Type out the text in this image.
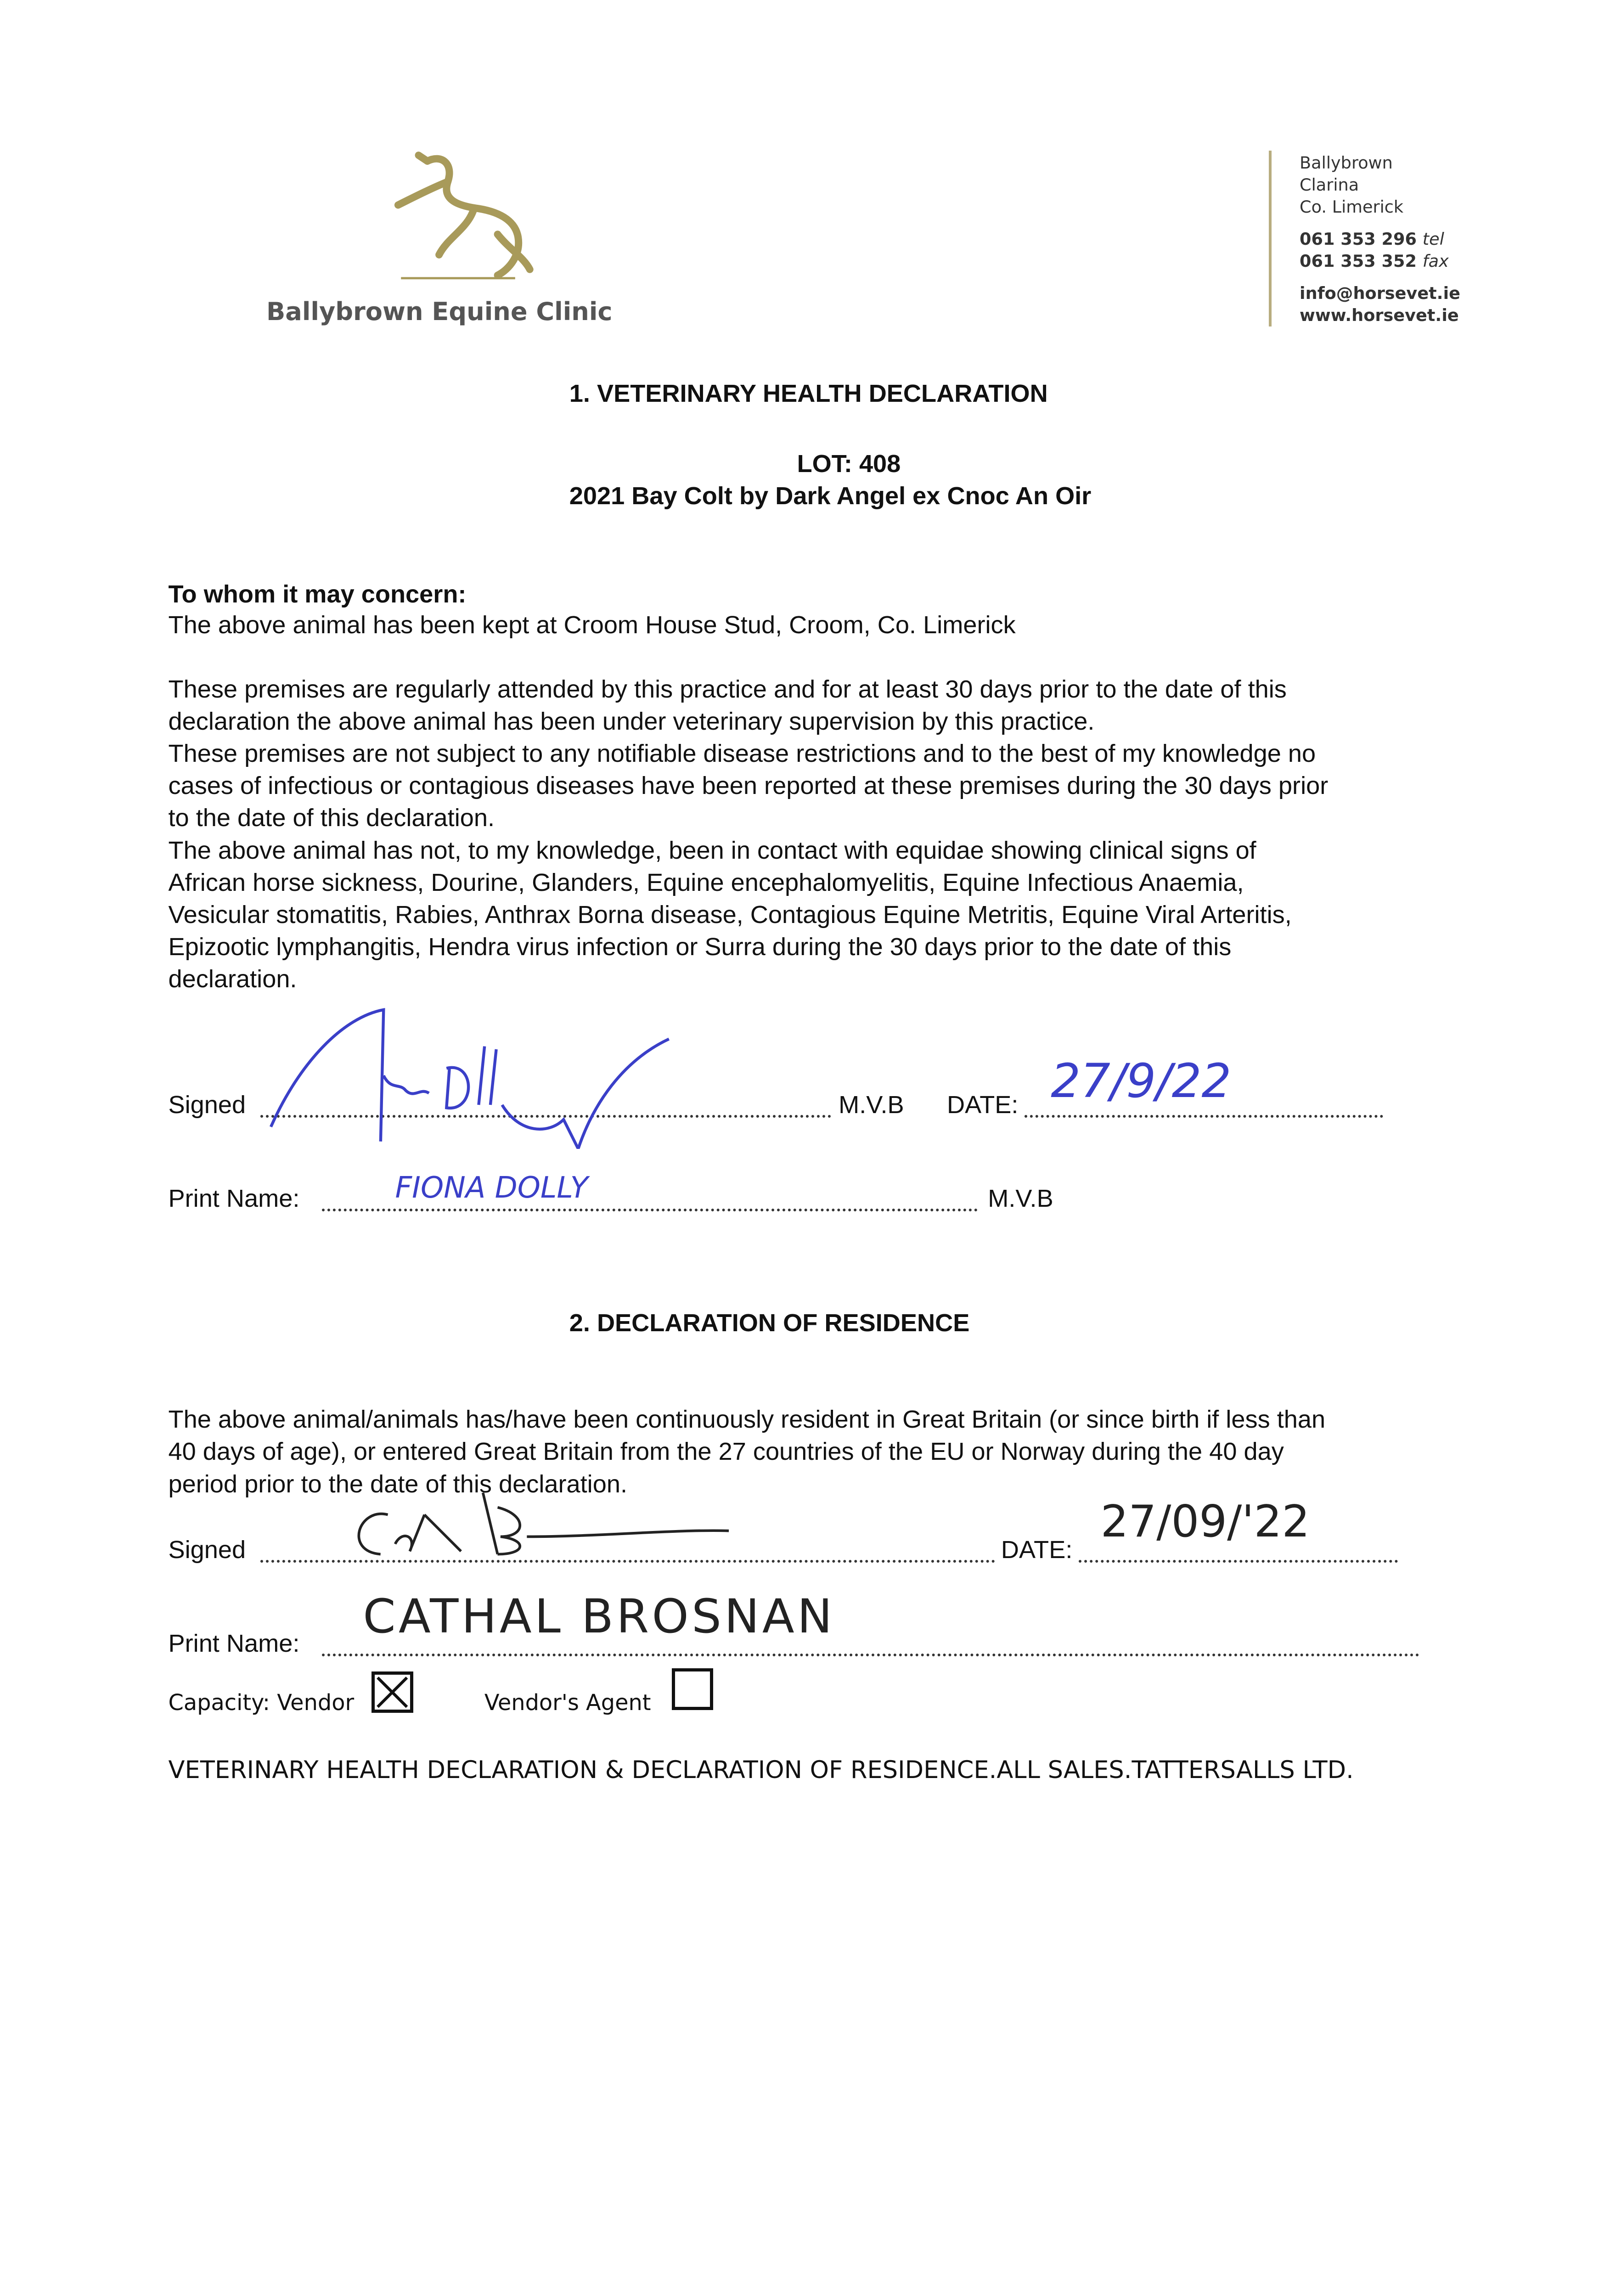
Ballybrown Equine Clinic
Ballybrown
Clarina
Co. Limerick
061 353 296 tel
061 353 352 fax
info@horsevet.ie
www.horsevet.ie
1. VETERINARY HEALTH DECLARATION
LOT: 408
2021 Bay Colt by Dark Angel ex Cnoc An Oir
To whom it may concern:
The above animal has been kept at Croom House Stud, Croom, Co. Limerick
These premises are regularly attended by this practice and for at least 30 days prior to the date of this
declaration the above animal has been under veterinary supervision by this practice.
These premises are not subject to any notifiable disease restrictions and to the best of my knowledge no
cases of infectious or contagious diseases have been reported at these premises during the 30 days prior
to the date of this declaration.
The above animal has not, to my knowledge, been in contact with equidae showing clinical signs of
African horse sickness, Dourine, Glanders, Equine encephalomyelitis, Equine Infectious Anaemia,
Vesicular stomatitis, Rabies, Anthrax Borna disease, Contagious Equine Metritis, Equine Viral Arteritis,
Epizootic lymphangitis, Hendra virus infection or Surra during the 30 days prior to the date of this
declaration.
Signed	M.V.B DATE: 27/9/22
Print Name:	FIONA DOLLY	M.V.B
2. DECLARATION OF RESIDENCE
The above animal/animals has/have been continuously resident in Great Britain (or since birth if less than
40 days of age), or entered Great Britain from the 27 countries of the EU or Norway during the 40 day
period prior to the date of this declaration.
Signed	DATE:
27/09/'22
Print Name: CATHAL BROSNAN
Capacity: Vendor	Vendor's Agent
VETERINARY HEALTH DECLARATION & DECLARATION OF RESIDENCE.ALL SALES.TATTERSALLS LTD.
